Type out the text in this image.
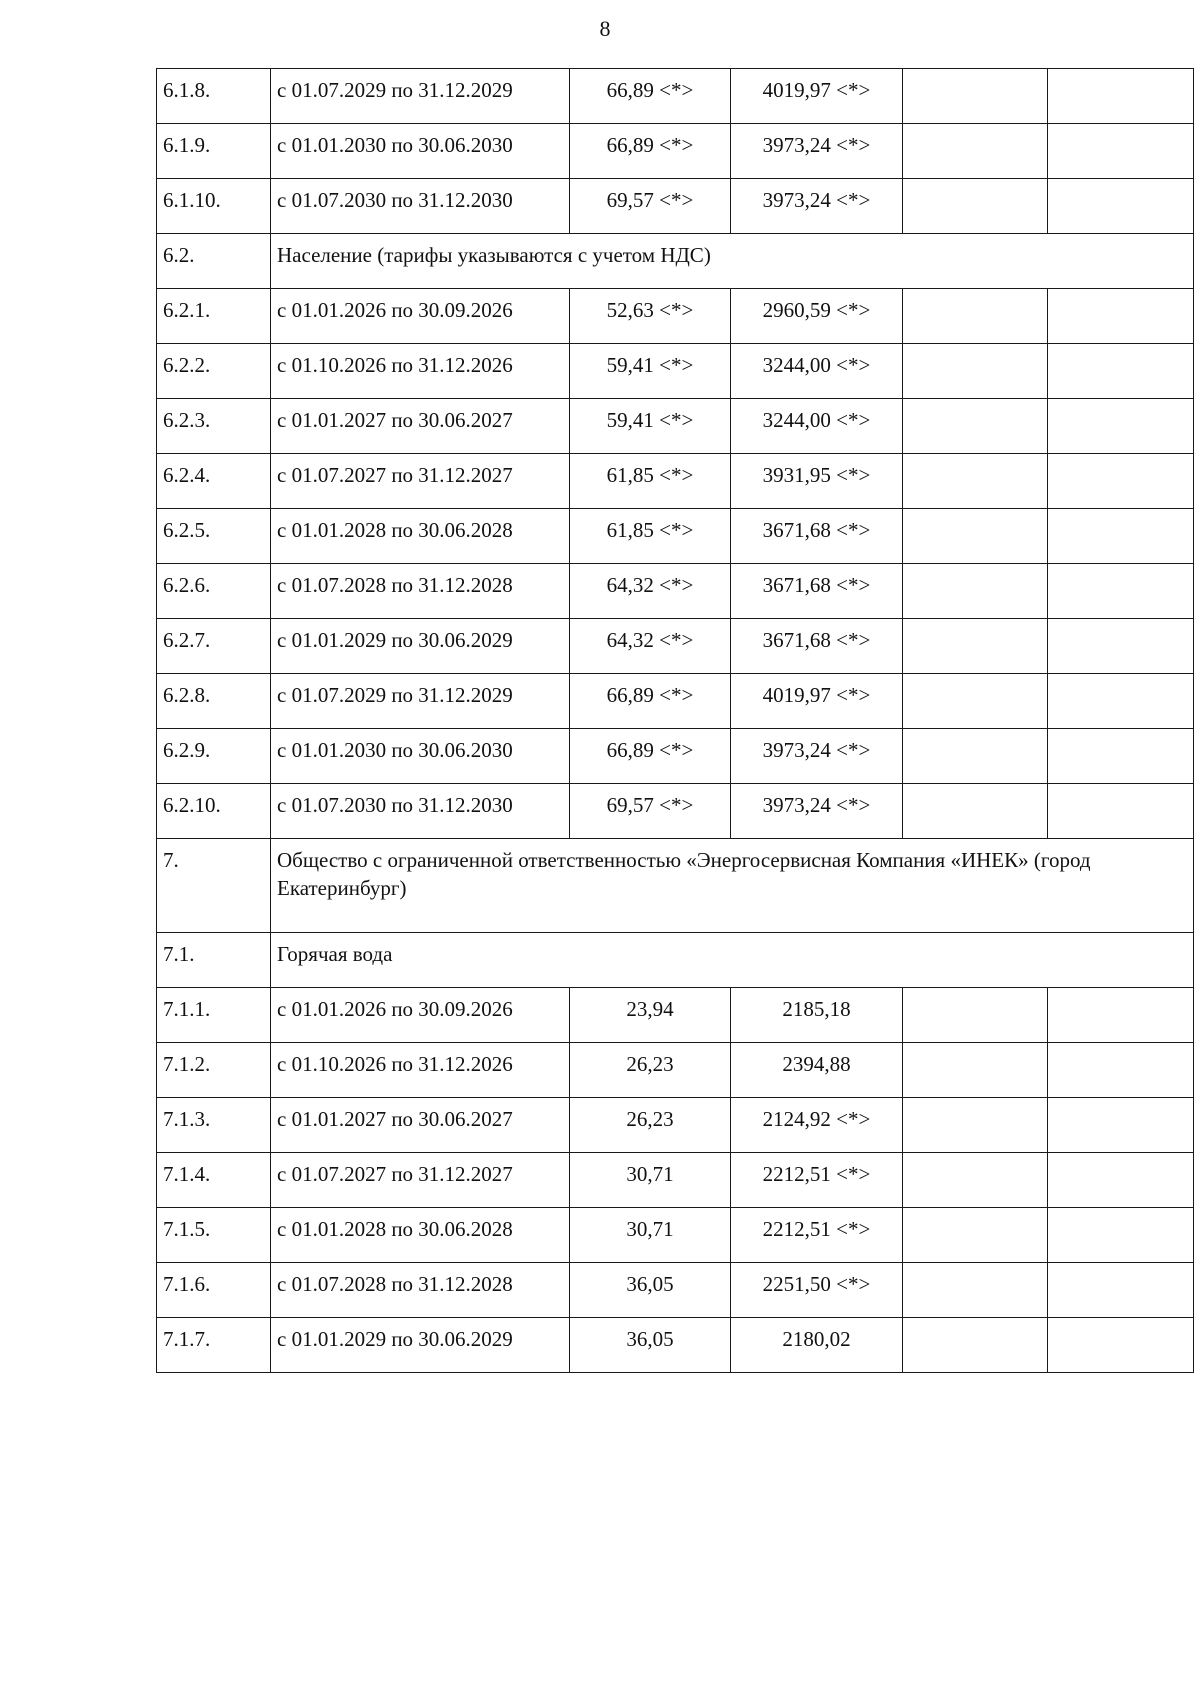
8
6.1.8.	с 01.07.2029 по 31.12.2029	66,89 <*>	4019,97 <*>		
6.1.9.	с 01.01.2030 по 30.06.2030	66,89 <*>	3973,24 <*>		
6.1.10.	с 01.07.2030 по 31.12.2030	69,57 <*>	3973,24 <*>		
6.2.	Население (тарифы указываются с учетом НДС)				
6.2.1.	с 01.01.2026 по 30.09.2026	52,63 <*>	2960,59 <*>		
6.2.2.	с 01.10.2026 по 31.12.2026	59,41 <*>	3244,00 <*>		
6.2.3.	с 01.01.2027 по 30.06.2027	59,41 <*>	3244,00 <*>		
6.2.4.	с 01.07.2027 по 31.12.2027	61,85 <*>	3931,95 <*>		
6.2.5.	с 01.01.2028 по 30.06.2028	61,85 <*>	3671,68 <*>		
6.2.6.	с 01.07.2028 по 31.12.2028	64,32 <*>	3671,68 <*>		
6.2.7.	с 01.01.2029 по 30.06.2029	64,32 <*>	3671,68 <*>		
6.2.8.	с 01.07.2029 по 31.12.2029	66,89 <*>	4019,97 <*>		
6.2.9.	с 01.01.2030 по 30.06.2030	66,89 <*>	3973,24 <*>		
6.2.10.	с 01.07.2030 по 31.12.2030	69,57 <*>	3973,24 <*>		
7.	Общество с ограниченной ответственностью «Энергосервисная Компания «ИНЕК» (город Екатеринбург)				
7.1.	Горячая вода				
7.1.1.	с 01.01.2026 по 30.09.2026	23,94	2185,18		
7.1.2.	с 01.10.2026 по 31.12.2026	26,23	2394,88		
7.1.3.	с 01.01.2027 по 30.06.2027	26,23	2124,92 <*>		
7.1.4.	с 01.07.2027 по 31.12.2027	30,71	2212,51 <*>		
7.1.5.	с 01.01.2028 по 30.06.2028	30,71	2212,51 <*>		
7.1.6.	с 01.07.2028 по 31.12.2028	36,05	2251,50 <*>		
7.1.7.	с 01.01.2029 по 30.06.2029	36,05	2180,02		
